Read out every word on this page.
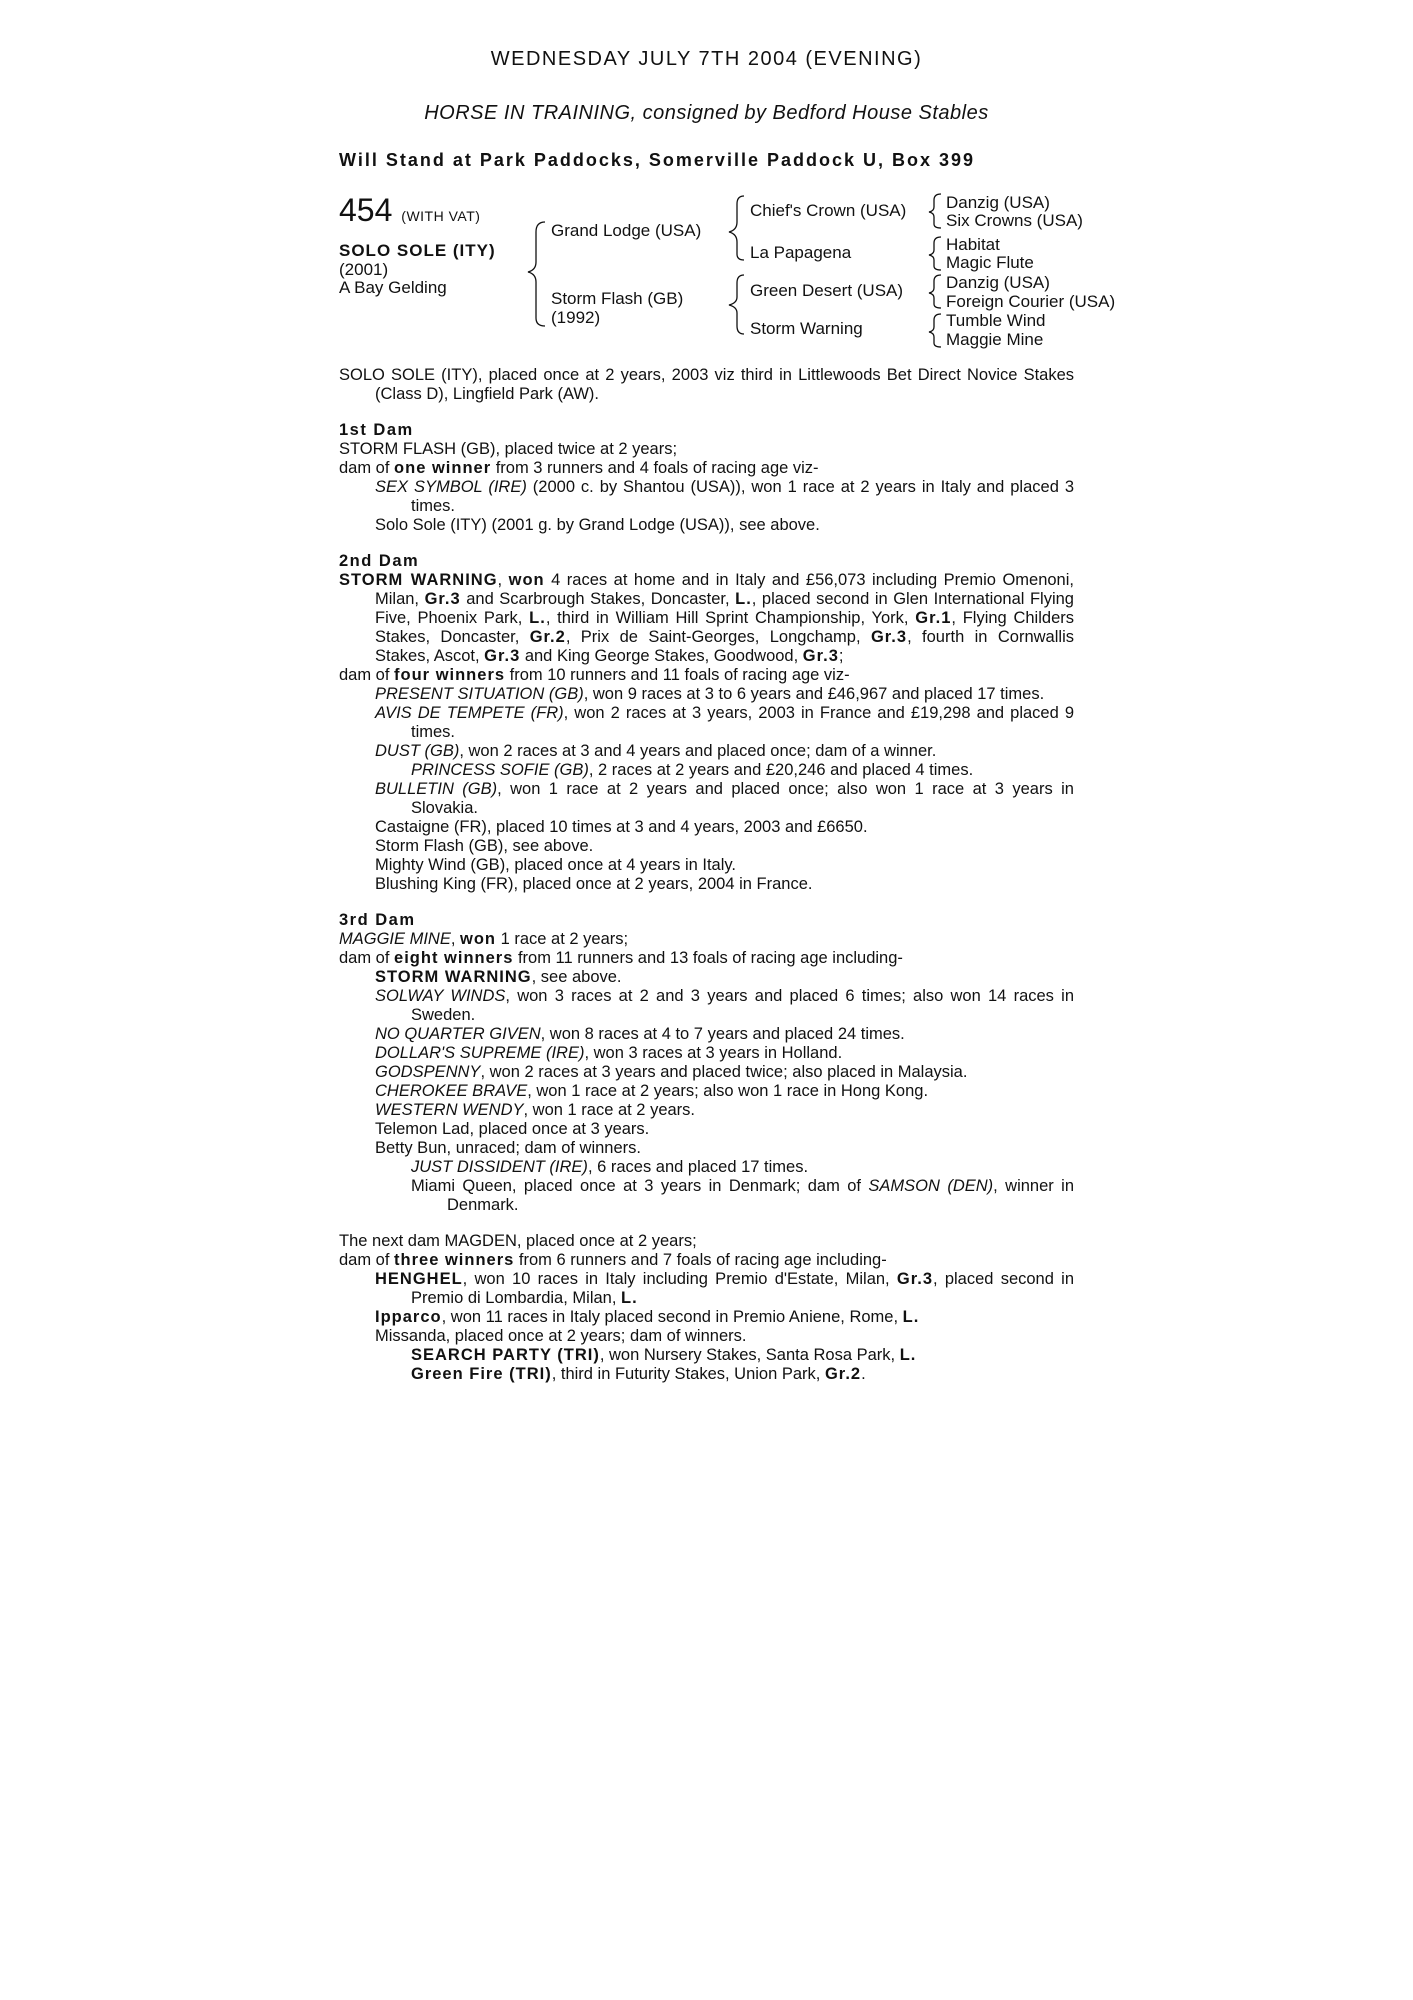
WEDNESDAY JULY 7TH 2004 (EVENING)
HORSE IN TRAINING, consigned by Bedford House Stables
Will Stand at Park Paddocks, Somerville Paddock U, Box 399
454 (WITH VAT)
SOLO SOLE (ITY)
(2001)
A Bay Gelding
Grand Lodge (USA)
Storm Flash (GB)
(1992)
Chief's Crown (USA)
La Papagena
Green Desert (USA)
Storm Warning
Danzig (USA)
Six Crowns (USA)
Habitat
Magic Flute
Danzig (USA)
Foreign Courier (USA)
Tumble Wind
Maggie Mine

SOLO SOLE (ITY), placed once at 2 years, 2003 viz third in Littlewoods Bet Direct Novice Stakes (Class D), Lingfield Park (AW).

1st Dam

STORM FLASH (GB), placed twice at 2 years;

dam of one winner from 3 runners and 4 foals of racing age viz-

SEX SYMBOL (IRE) (2000 c. by Shantou (USA)), won 1 race at 2 years in Italy and placed 3 times.

Solo Sole (ITY) (2001 g. by Grand Lodge (USA)), see above.

2nd Dam

STORM WARNING, won 4 races at home and in Italy and £56,073 including Premio Omenoni, Milan, Gr.3 and Scarbrough Stakes, Doncaster, L., placed second in Glen International Flying Five, Phoenix Park, L., third in William Hill Sprint Championship, York, Gr.1, Flying Childers Stakes, Doncaster, Gr.2, Prix de Saint-Georges, Longchamp, Gr.3, fourth in Cornwallis Stakes, Ascot, Gr.3 and King George Stakes, Goodwood, Gr.3;

dam of four winners from 10 runners and 11 foals of racing age viz-

PRESENT SITUATION (GB), won 9 races at 3 to 6 years and £46,967 and placed 17 times.

AVIS DE TEMPETE (FR), won 2 races at 3 years, 2003 in France and £19,298 and placed 9 times.

DUST (GB), won 2 races at 3 and 4 years and placed once; dam of a winner.

PRINCESS SOFIE (GB), 2 races at 2 years and £20,246 and placed 4 times.

BULLETIN (GB), won 1 race at 2 years and placed once; also won 1 race at 3 years in Slovakia.

Castaigne (FR), placed 10 times at 3 and 4 years, 2003 and £6650.

Storm Flash (GB), see above.

Mighty Wind (GB), placed once at 4 years in Italy.

Blushing King (FR), placed once at 2 years, 2004 in France.

3rd Dam

MAGGIE MINE, won 1 race at 2 years;

dam of eight winners from 11 runners and 13 foals of racing age including-

STORM WARNING, see above.

SOLWAY WINDS, won 3 races at 2 and 3 years and placed 6 times; also won 14 races in Sweden.

NO QUARTER GIVEN, won 8 races at 4 to 7 years and placed 24 times.

DOLLAR'S SUPREME (IRE), won 3 races at 3 years in Holland.

GODSPENNY, won 2 races at 3 years and placed twice; also placed in Malaysia.

CHEROKEE BRAVE, won 1 race at 2 years; also won 1 race in Hong Kong.

WESTERN WENDY, won 1 race at 2 years.

Telemon Lad, placed once at 3 years.

Betty Bun, unraced; dam of winners.

JUST DISSIDENT (IRE), 6 races and placed 17 times.

Miami Queen, placed once at 3 years in Denmark; dam of SAMSON (DEN), winner in Denmark.

The next dam MAGDEN, placed once at 2 years;

dam of three winners from 6 runners and 7 foals of racing age including-

HENGHEL, won 10 races in Italy including Premio d'Estate, Milan, Gr.3, placed second in Premio di Lombardia, Milan, L.

Ipparco, won 11 races in Italy placed second in Premio Aniene, Rome, L.

Missanda, placed once at 2 years; dam of winners.

SEARCH PARTY (TRI), won Nursery Stakes, Santa Rosa Park, L.

Green Fire (TRI), third in Futurity Stakes, Union Park, Gr.2.
